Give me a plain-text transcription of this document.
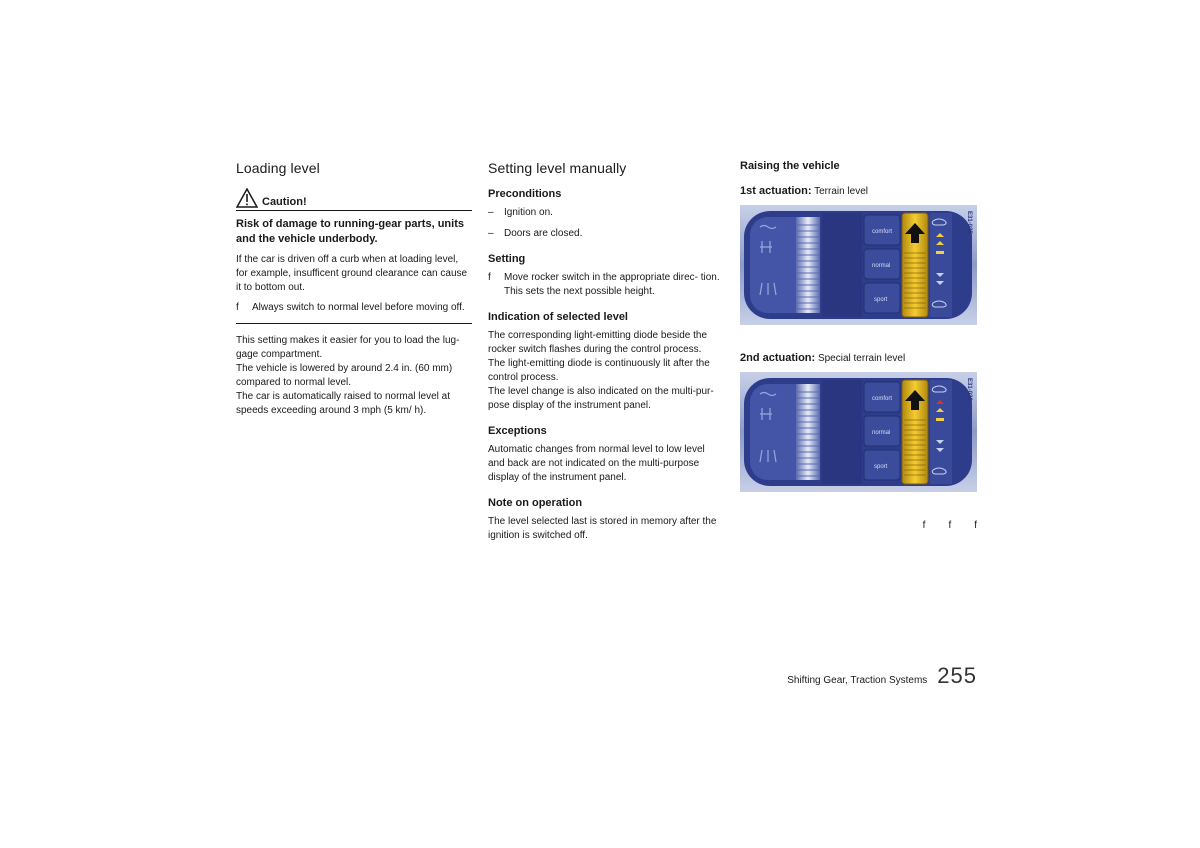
Loading level
Caution!

Risk of damage to running-gear parts, units and the vehicle underbody.

If the car is driven off a curb when at loading level, for example, insufficent ground clearance can cause it to bottom out.

f	Always switch to normal level before moving off.

This setting makes it easier for you to load the lug- gage compartment.

The vehicle is lowered by around 2.4 in. (60 mm) compared to normal level.

The car is automatically raised to normal level at speeds exceeding around 3 mph (5 km/ h).

Setting level manually
Preconditions
–	Ignition on.
–	Doors are closed.
Setting
f	Move rocker switch in the appropriate direc- tion.
This sets the next possible height.
Indication of selected level

The corresponding light-emitting diode beside the rocker switch flashes during the control process.

The light-emitting diode is continuously lit after the control process.

The level change is also indicated on the multi-pur- pose display of the instrument panel.

Exceptions

Automatic changes from normal level to low level and back are not indicated on the multi-purpose display of the instrument panel.

Note on operation

The level selected last is stored in memory after the ignition is switched off.

Raising the vehicle

1st actuation: Terrain level

comfort
normal
sport
E31-035

2nd actuation: Special terrain level

comfort
normal
sport
E31-036
f f f
Shifting Gear, Traction Systems 255
